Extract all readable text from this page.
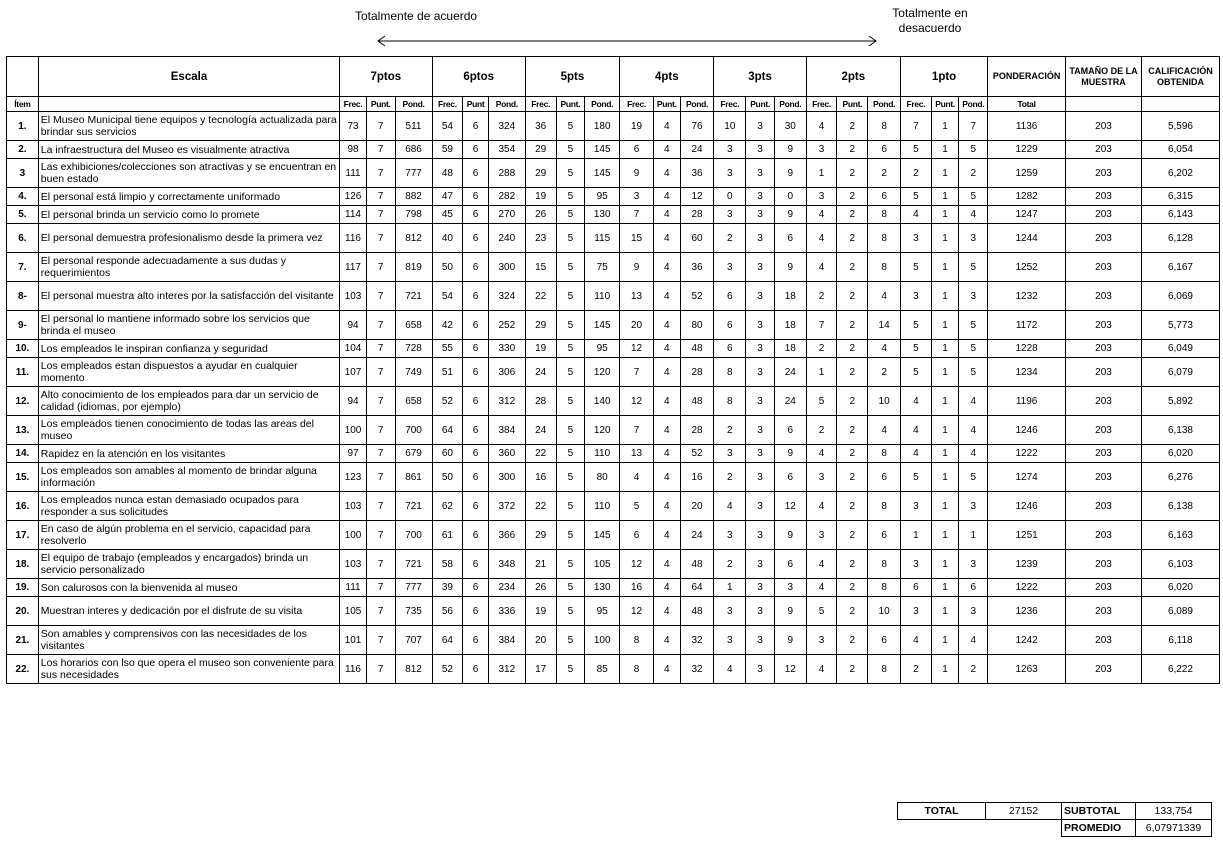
Totalmente de acuerdo	Totalmente en desacuerdo
	Escala	7ptos			6ptos			5pts			4pts			3pts			2pts			1pto			PONDERACIÓN	TAMAÑO DE LA MUESTRA	CALIFICACIÓN OBTENIDA
Ítem		Frec.	Punt.	Pond.	Frec.	Punt	Pond.	Frec.	Punt.	Pond.	Frec.	Punt.	Pond.	Frec.	Punt.	Pond.	Frec.	Punt.	Pond.	Frec.	Punt.	Pond.	Total		
1.	El Museo Municipal tiene equipos y tecnología actualizada para brindar sus servicios	73	7	511	54	6	324	36	5	180	19	4	76	10	3	30	4	2	8	7	1	7	1136	203	5,596
2.	La infraestructura del Museo es visualmente atractiva	98	7	686	59	6	354	29	5	145	6	4	24	3	3	9	3	2	6	5	1	5	1229	203	6,054
3	Las exhibiciones/colecciones son atractivas y se encuentran en buen estado	111	7	777	48	6	288	29	5	145	9	4	36	3	3	9	1	2	2	2	1	2	1259	203	6,202
4.	El personal está limpio y correctamente uniformado	126	7	882	47	6	282	19	5	95	3	4	12	0	3	0	3	2	6	5	1	5	1282	203	6,315
5.	El personal brinda un servicio como lo promete	114	7	798	45	6	270	26	5	130	7	4	28	3	3	9	4	2	8	4	1	4	1247	203	6,143
6.	El personal demuestra profesionalismo desde la primera vez	116	7	812	40	6	240	23	5	115	15	4	60	2	3	6	4	2	8	3	1	3	1244	203	6,128
7.	El personal responde adecuadamente a sus dudas y requerimientos	117	7	819	50	6	300	15	5	75	9	4	36	3	3	9	4	2	8	5	1	5	1252	203	6,167
8-	El personal muestra alto interes por la satisfacción del visitante	103	7	721	54	6	324	22	5	110	13	4	52	6	3	18	2	2	4	3	1	3	1232	203	6,069
9-	El personal lo mantiene informado sobre los servicios que brinda el museo	94	7	658	42	6	252	29	5	145	20	4	80	6	3	18	7	2	14	5	1	5	1172	203	5,773
10.	Los empleados le inspiran confianza y seguridad	104	7	728	55	6	330	19	5	95	12	4	48	6	3	18	2	2	4	5	1	5	1228	203	6,049
11.	Los empleados estan dispuestos a ayudar en cualquier momento	107	7	749	51	6	306	24	5	120	7	4	28	8	3	24	1	2	2	5	1	5	1234	203	6,079
12.	Alto conocimiento de los empleados para dar un servicio de calidad (idiomas, por ejemplo)	94	7	658	52	6	312	28	5	140	12	4	48	8	3	24	5	2	10	4	1	4	1196	203	5,892
13.	Los empleados tienen conocimiento de todas las areas del museo	100	7	700	64	6	384	24	5	120	7	4	28	2	3	6	2	2	4	4	1	4	1246	203	6,138
14.	Rapidez en la atención en los visitantes	97	7	679	60	6	360	22	5	110	13	4	52	3	3	9	4	2	8	4	1	4	1222	203	6,020
15.	Los empleados son amables al momento de brindar alguna información	123	7	861	50	6	300	16	5	80	4	4	16	2	3	6	3	2	6	5	1	5	1274	203	6,276
16.	Los empleados nunca estan demasiado ocupados para responder a sus solicitudes	103	7	721	62	6	372	22	5	110	5	4	20	4	3	12	4	2	8	3	1	3	1246	203	6,138
17.	En caso de algún problema en el servicio, capacidad para resolverlo	100	7	700	61	6	366	29	5	145	6	4	24	3	3	9	3	2	6	1	1	1	1251	203	6,163
18.	El equipo de trabajo (empleados y encargados) brinda un servicio personalizado	103	7	721	58	6	348	21	5	105	12	4	48	2	3	6	4	2	8	3	1	3	1239	203	6,103
19.	Son calurosos con la bienvenida al museo	111	7	777	39	6	234	26	5	130	16	4	64	1	3	3	4	2	8	6	1	6	1222	203	6,020
20.	Muestran interes y dedicación por el disfrute de su visita	105	7	735	56	6	336	19	5	95	12	4	48	3	3	9	5	2	10	3	1	3	1236	203	6,089
21.	Son amables y comprensivos con las necesidades de los visitantes	101	7	707	64	6	384	20	5	100	8	4	32	3	3	9	3	2	6	4	1	4	1242	203	6,118
22.	Los horarios con lso que opera el museo son conveniente para sus necesidades	116	7	812	52	6	312	17	5	85	8	4	32	4	3	12	4	2	8	2	1	2	1263	203	6,222
TOTAL	27152	SUBTOTAL	133,754
		PROMEDIO	6,07971339
